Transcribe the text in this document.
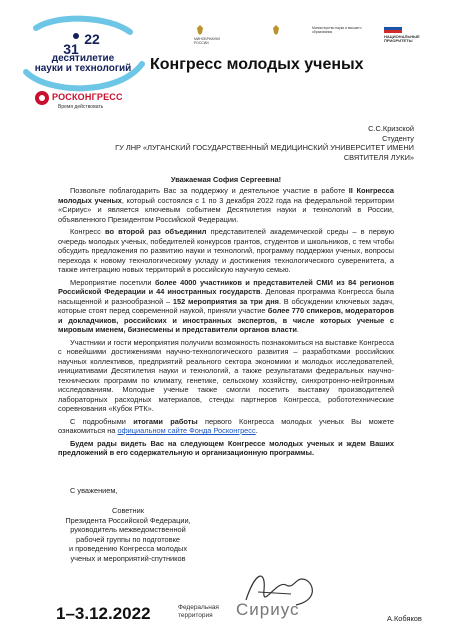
22
31
десятилетие
науки и технологий
МИНОБРНАУКИ РОССИИ
Министерство науки и высшего образования
НАЦИОНАЛЬНЫЕ ПРИОРИТЕТЫ
Конгресс молодых ученых
РОСКОНГРЕСС
Время действовать
С.С.Кризской
Студенту
ГУ ЛНР «ЛУГАНСКИЙ ГОСУДАРСТВЕННЫЙ МЕДИЦИНСКИЙ УНИВЕРСИТЕТ ИМЕНИ
СВЯТИТЕЛЯ ЛУКИ»
Уважаемая София Сергеевна!

Позвольте поблагодарить Вас за поддержку и деятельное участие в работе II Конгресса молодых ученых, который состоялся с 1 по 3 декабря 2022 года на федеральной территории «Сириус» и является ключевым событием Десятилетия науки и технологий в России, объявленного Президентом Российской Федерации.

Конгресс во второй раз объединил представителей академической среды – в первую очередь молодых ученых, победителей конкурсов грантов, студентов и школьников, с тем чтобы обсудить предложения по развитию науки и технологий, программу поддержки ученых, вопросы перехода к новому технологическому укладу и достижения технологического суверенитета, а также интеграцию новых территорий в российскую научную семью.

Мероприятие посетили более 4000 участников и представителей СМИ из 84 регионов Российской Федерации и 44 иностранных государств. Деловая программа Конгресса была насыщенной и разнообразной – 152 мероприятия за три дня. В обсуждении ключевых задач, которые стоят перед современной наукой, приняли участие более 770 спикеров, модераторов и докладчиков, российских и иностранных экспертов, в числе которых ученые с мировым именем, бизнесмены и представители органов власти.

Участники и гости мероприятия получили возможность познакомиться на выставке Конгресса с новейшими достижениями научно-технологического развития – разработками российских научных коллективов, предприятий реального сектора экономики и молодых исследователей, инициативами Десятилетия науки и технологий, а также результатами федеральных научно-технических программ по климату, генетике, сельскому хозяйству, синхротронно-нейтронным исследованиям. Молодые ученые также смогли посетить выставку производителей лабораторных расходных материалов, стенды партнеров Конгресса, робототехнические соревнования «Кубок РТК».

С подробными итогами работы первого Конгресса молодых ученых Вы можете ознакомиться на официальном сайте Фонда Росконгресс.

Будем рады видеть Вас на следующем Конгрессе молодых ученых и ждем Ваших предложений в его содержательную и организационную программы.

С уважением,
Советник
Президента Российской Федерации,
руководитель межведомственной
рабочей группы по подготовке
и проведению Конгресса молодых
ученых и мероприятий-спутников
1–3.12.2022	Федеральная
территория	Сириус	А.Кобяков
